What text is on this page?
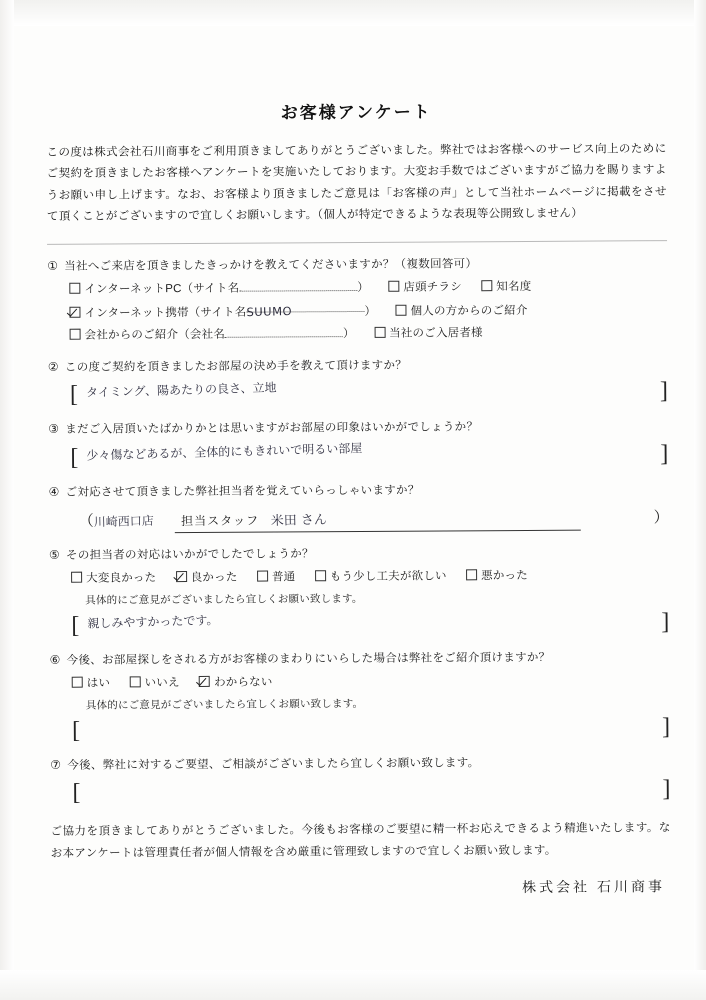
お客様アンケート

この度は株式会社石川商事をご利用頂きましてありがとうございました。弊社ではお客様へのサービス向上のためにご契約を頂きましたお客様へアンケートを実施いたしております。大変お手数ではございますがご協力を賜りますようお願い申し上げます。なお、お客様より頂きましたご意見は「お客様の声」として当社ホームページに掲載をさせて頂くことがございますので宜しくお願いします。（個人が特定できるような表現等公開致しません）

① 当社へご来店を頂きましたきっかけを教えてくださいますか？（複数回答可）
インターネットPC（サイト名	）	店頭チラシ	知名度
インターネット携帯（サイト名SUUMO	）	個人の方からのご紹介
会社からのご紹介（会社名	）	当社のご入居者様
② この度ご契約を頂きましたお部屋の決め手を教えて頂けますか？
[ タイミング、陽あたりの良さ、立地	]
③ まだご入居頂いたばかりかとは思いますがお部屋の印象はいかがでしょうか？
[ 少々傷などあるが、全体的にもきれいで明るい部屋	]
④ ご対応させて頂きました弊社担当者を覚えていらっしゃいますか？
（川崎西口店 担当スタッフ 米田 さん	）
⑤ その担当者の対応はいかがでしたでしょうか？
大変良かった	良かった	普通	もう少し工夫が欲しい	悪かった
具体的にご意見がございましたら宜しくお願い致します。
[ 親しみやすかったです。	]
⑥ 今後、お部屋探しをされる方がお客様のまわりにいらした場合は弊社をご紹介頂けますか？
はい	いいえ	わからない
具体的にご意見がございましたら宜しくお願い致します。
[	]
⑦ 今後、弊社に対するご要望、ご相談がございましたら宜しくお願い致します。
[	]

ご協力を頂きましてありがとうございました。今後もお客様のご要望に精一杯お応えできるよう精進いたします。なお本アンケートは管理責任者が個人情報を含め厳重に管理致しますので宜しくお願い致します。

株式会社 石川商事
